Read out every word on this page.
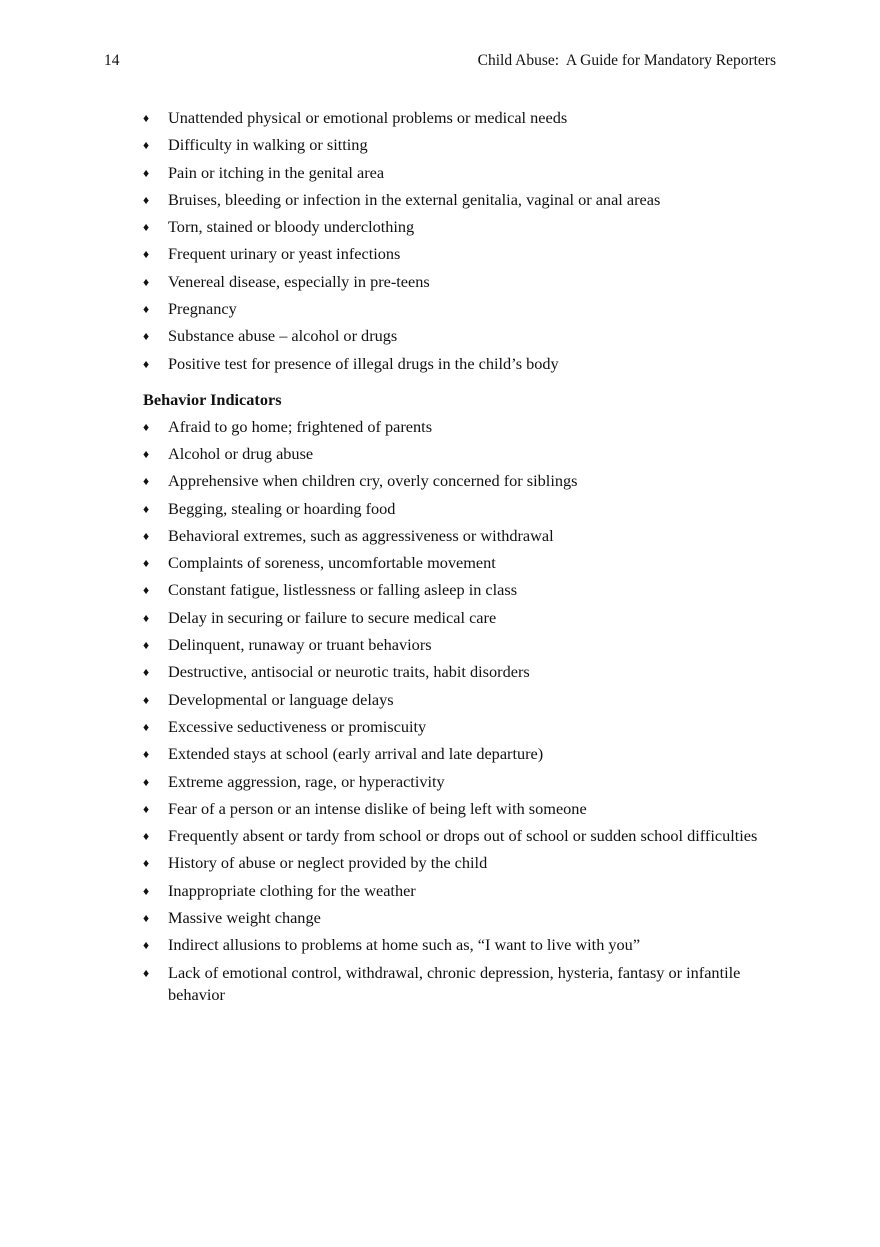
14	Child Abuse:  A Guide for Mandatory Reporters
♦ Unattended physical or emotional problems or medical needs
♦ Difficulty in walking or sitting
♦ Pain or itching in the genital area
♦ Bruises, bleeding or infection in the external genitalia, vaginal or anal areas
♦ Torn, stained or bloody underclothing
♦ Frequent urinary or yeast infections
♦ Venereal disease, especially in pre-teens
♦ Pregnancy
♦ Substance abuse – alcohol or drugs
♦ Positive test for presence of illegal drugs in the child’s body
Behavior Indicators
♦ Afraid to go home; frightened of parents
♦ Alcohol or drug abuse
♦ Apprehensive when children cry, overly concerned for siblings
♦ Begging, stealing or hoarding food
♦ Behavioral extremes, such as aggressiveness or withdrawal
♦ Complaints of soreness, uncomfortable movement
♦ Constant fatigue, listlessness or falling asleep in class
♦ Delay in securing or failure to secure medical care
♦ Delinquent, runaway or truant behaviors
♦ Destructive, antisocial or neurotic traits, habit disorders
♦ Developmental or language delays
♦ Excessive seductiveness or promiscuity
♦ Extended stays at school (early arrival and late departure)
♦ Extreme aggression, rage, or hyperactivity
♦ Fear of a person or an intense dislike of being left with someone
♦ Frequently absent or tardy from school or drops out of school or sudden school difficulties
♦ History of abuse or neglect provided by the child
♦ Inappropriate clothing for the weather
♦ Massive weight change
♦ Indirect allusions to problems at home such as, “I want to live with you”
♦ Lack of emotional control, withdrawal, chronic depression, hysteria, fantasy or infantile behavior
